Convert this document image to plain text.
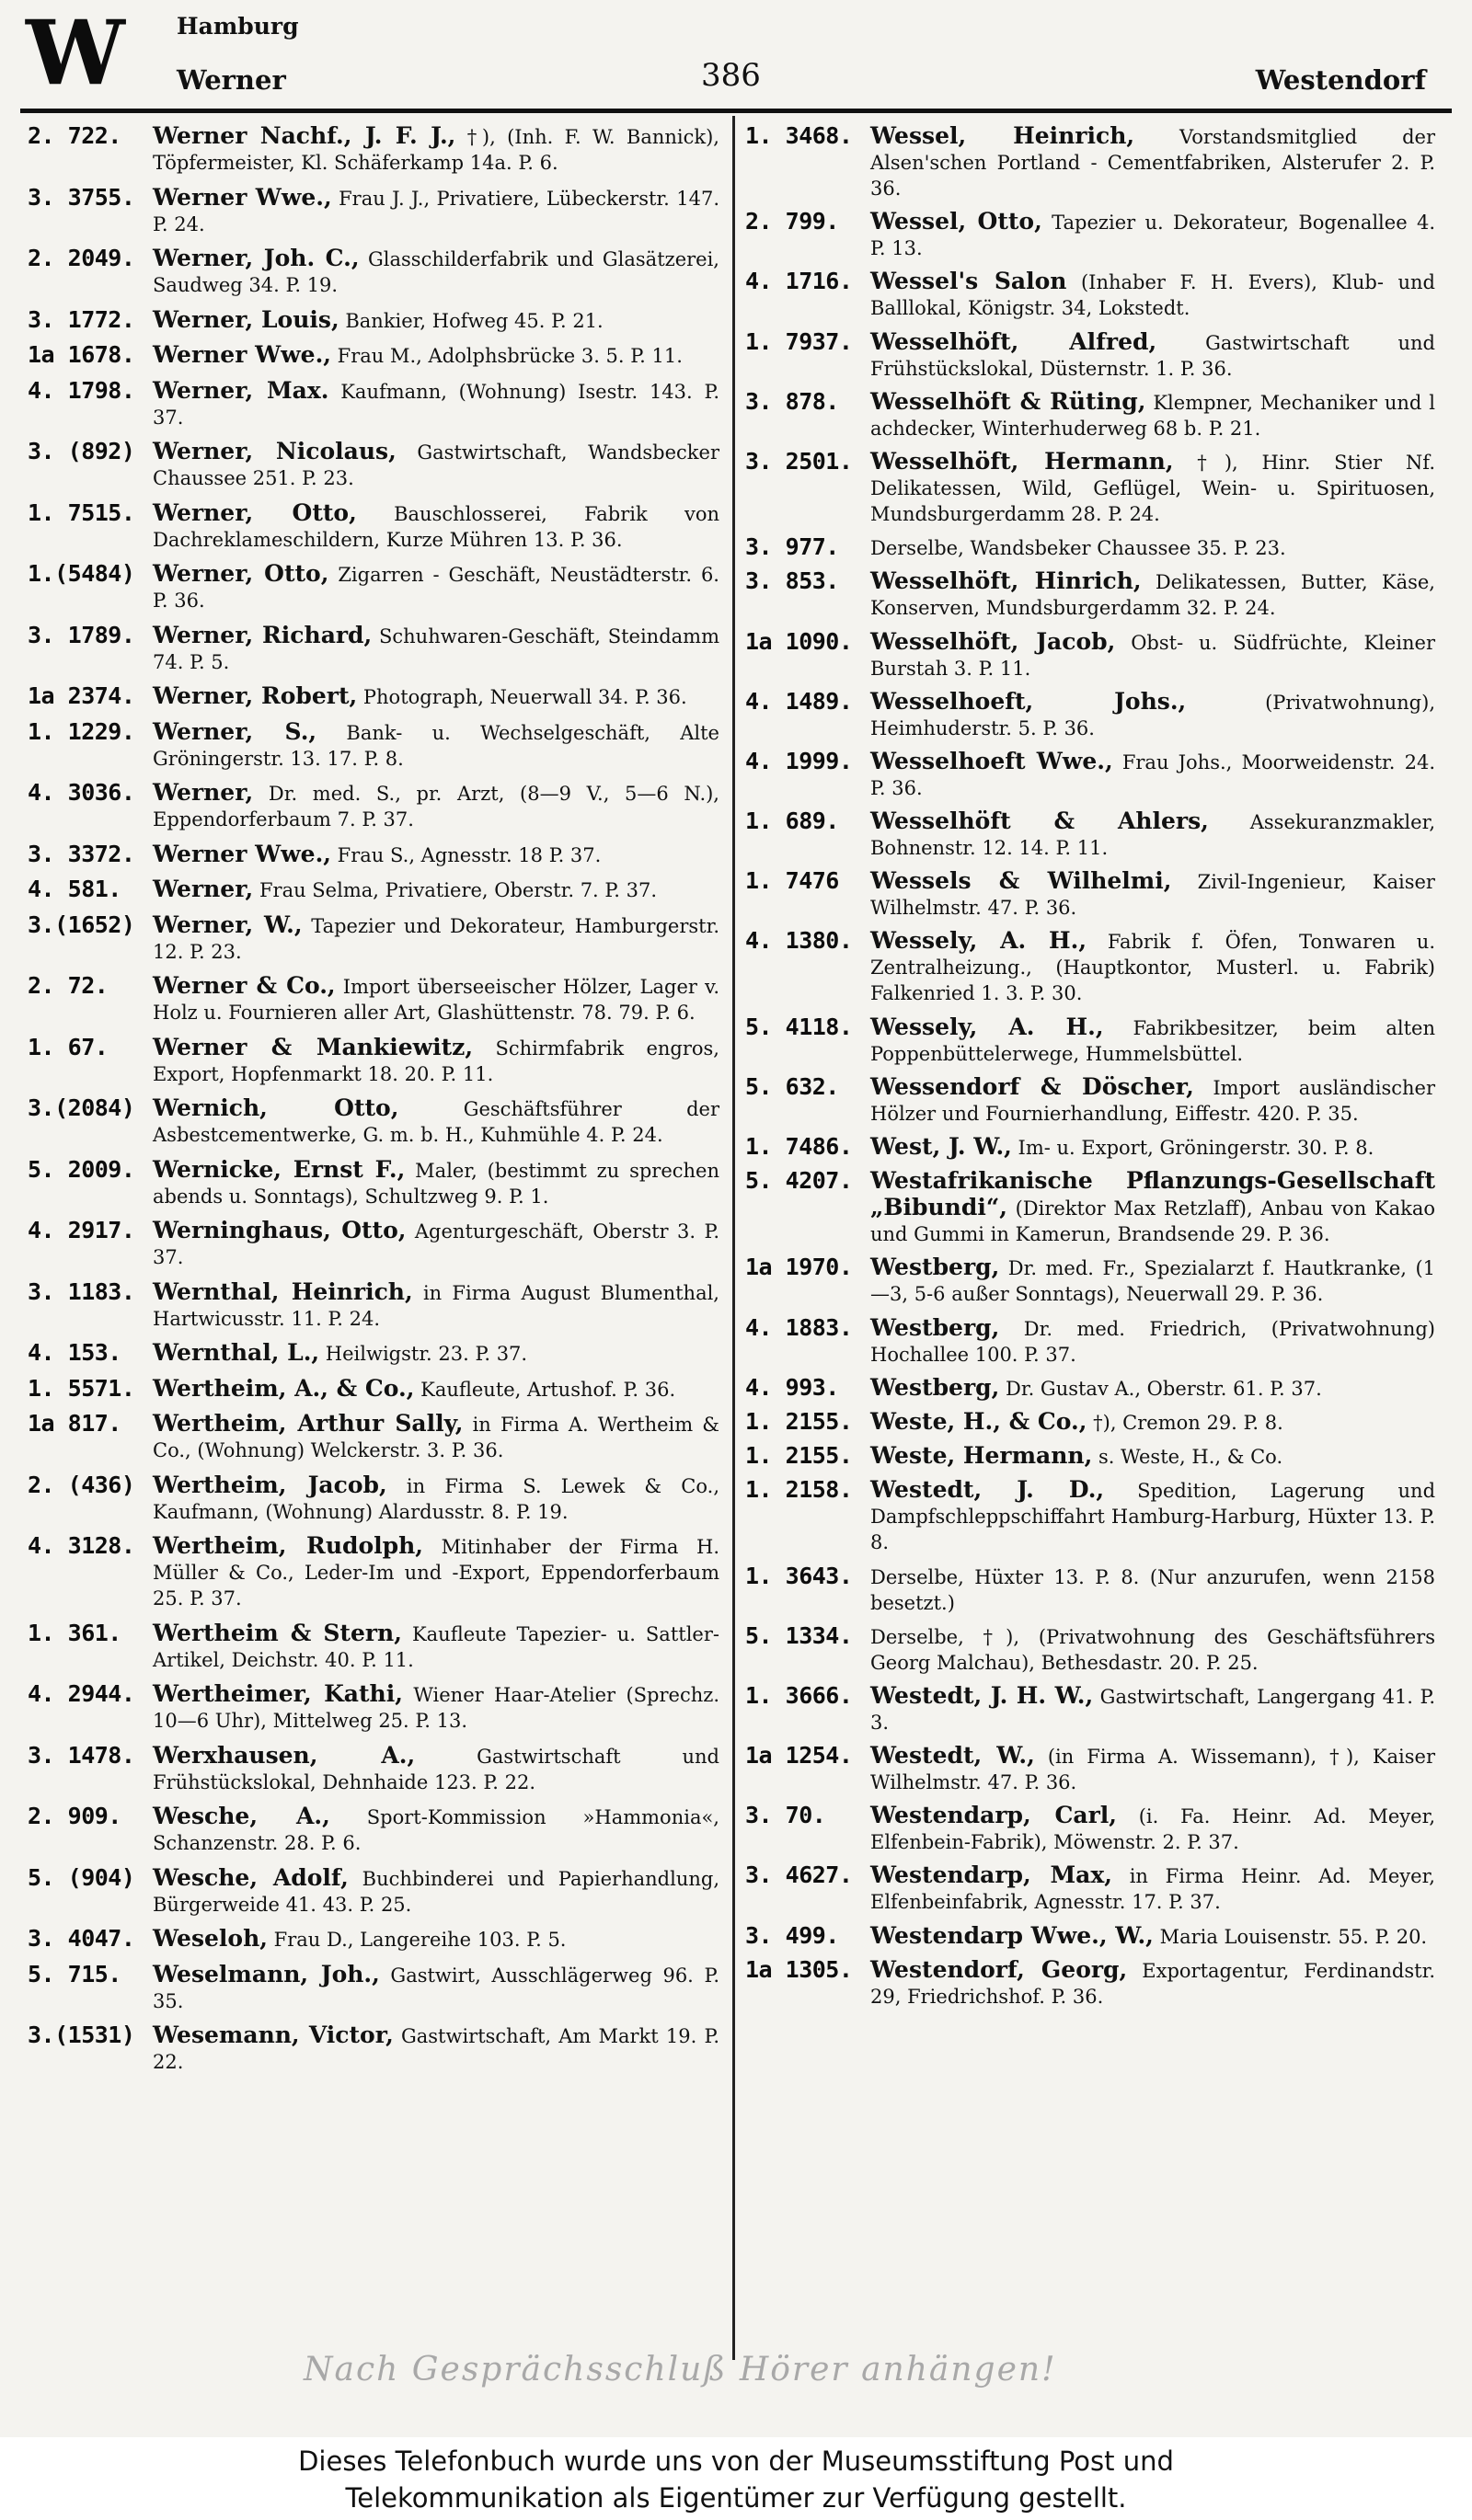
W Hamburg
Werner	386	Westendorf
2. 722.	Werner Nachf., J. F. J., †), (Inh. F. W. Bannick), Töpfermeister, Kl. Schäferkamp 14a. P. 6.
3. 3755. Werner Wwe., Frau J. J., Privatiere, Lübeckerstr. 147. P. 24.
2. 2049. Werner, Joh. C., Glasschilderfabrik und Glasätzerei, Saudweg 34. P. 19.
3. 1772. Werner, Louis, Bankier, Hofweg 45. P. 21.
1a 1678. Werner Wwe., Frau M., Adolphsbrücke 3. 5. P. 11.
4. 1798. Werner, Max. Kaufmann, (Wohnung) Isestr. 143. P. 37.
3. (892) Werner, Nicolaus, Gastwirtschaft, Wandsbecker Chaussee 251. P. 23.
1. 7515. Werner, Otto, Bauschlosserei, Fabrik von Dachreklameschildern, Kurze Mühren 13. P. 36.
1.(5484) Werner, Otto, Zigarren - Geschäft, Neustädterstr. 6. P. 36.
3. 1789. Werner, Richard, Schuhwaren-Geschäft, Steindamm 74. P. 5.
1a 2374. Werner, Robert, Photograph, Neuerwall 34. P. 36.
1. 1229. Werner, S., Bank- u. Wechselgeschäft, Alte Gröningerstr. 13. 17. P. 8.
4. 3036. Werner, Dr. med. S., pr. Arzt, (8—9 V., 5—6 N.), Eppendorferbaum 7. P. 37.
3. 3372. Werner Wwe., Frau S., Agnesstr. 18 P. 37.
4. 581.	Werner, Frau Selma, Privatiere, Oberstr. 7. P. 37.
3.(1652) Werner, W., Tapezier und Dekorateur, Hamburgerstr. 12. P. 23.
2. 72.	Werner & Co., Import überseeischer Hölzer, Lager v. Holz u. Fournieren aller Art, Glashüttenstr. 78. 79. P. 6.
1. 67.	Werner & Mankiewitz, Schirmfabrik engros, Export, Hopfenmarkt 18. 20. P. 11.
3.(2084) Wernich, Otto,	Geschäftsführer der Asbestcementwerke, G. m. b. H., Kuhmühle 4. P. 24.
5. 2009. Wernicke, Ernst F., Maler, (bestimmt zu sprechen abends u. Sonntags), Schultzweg 9. P. 1.
4. 2917. Werninghaus, Otto, Agenturgeschäft, Oberstr 3. P. 37.
3. 1183. Wernthal, Heinrich, in Firma August Blumenthal, Hartwicusstr. 11. P. 24.
4. 153.	Wernthal, L., Heilwigstr. 23. P. 37.
1. 5571. Wertheim, A., & Co., Kaufleute, Artushof. P. 36.
1a 817.	Wertheim, Arthur Sally, in Firma A. Wertheim & Co., (Wohnung) Welckerstr. 3. P. 36.
2. (436) Wertheim, Jacob, in Firma S. Lewek & Co., Kaufmann, (Wohnung) Alardusstr. 8. P. 19.
4. 3128. Wertheim, Rudolph, Mitinhaber der Firma H. Müller & Co., Leder-Im und -Export, Eppendorferbaum 25. P. 37.
1. 361.	Wertheim & Stern, Kaufleute Tapezier- u. Sattler-Artikel, Deichstr. 40. P. 11.
4. 2944. Wertheimer, Kathi, Wiener Haar-Atelier (Sprechz. 10—6 Uhr), Mittelweg 25. P. 13.
3. 1478. Werxhausen, A.,	Gastwirtschaft und Frühstückslokal, Dehnhaide 123. P. 22.
2. 909.	Wesche, A., Sport-Kommission »Hammonia«, Schanzenstr. 28. P. 6.
5. (904) Wesche, Adolf, Buchbinderei und Papierhandlung, Bürgerweide 41. 43. P. 25.
3. 4047. Weseloh, Frau D., Langereihe 103. P. 5.
5. 715.	Weselmann, Joh., Gastwirt, Ausschlägerweg 96. P. 35.
3.(1531) Wesemann, Victor, Gastwirtschaft, Am Markt 19. P. 22.
1. 3468. Wessel, Heinrich, Vorstandsmitglied der Alsen'schen Portland - Cementfabriken, Alsterufer 2. P. 36.
2. 799.	Wessel, Otto, Tapezier u. Dekorateur, Bogenallee 4. P. 13.
4. 1716. Wessel's Salon (Inhaber F. H. Evers), Klub- und Balllokal, Königstr. 34, Lokstedt.
1. 7937. Wesselhöft, Alfred,	Gastwirtschaft und Frühstückslokal, Düsternstr. 1. P. 36.
3. 878.	Wesselhöft & Rüting, Klempner, Mechaniker und l achdecker, Winterhuderweg 68 b. P. 21.
3. 2501. Wesselhöft, Hermann, †), Hinr. Stier Nf. Delikatessen, Wild, Geflügel, Wein- u. Spirituosen, Mundsburgerdamm 28. P. 24.
3. 977.	Derselbe, Wandsbeker Chaussee 35. P. 23.
3. 853.	Wesselhöft, Hinrich, Delikatessen, Butter, Käse, Konserven, Mundsburgerdamm 32. P. 24.
1a 1090. Wesselhöft, Jacob, Obst- u. Südfrüchte, Kleiner Burstah 3. P. 11.
4. 1489. Wesselhoeft, Johs.,	(Privatwohnung), Heimhuderstr. 5. P. 36.
4. 1999. Wesselhoeft Wwe., Frau Johs., Moorweidenstr. 24. P. 36.
1. 689.	Wesselhöft & Ahlers, Assekuranzmakler, Bohnenstr. 12. 14. P. 11.
1. 7476	Wessels & Wilhelmi, Zivil-Ingenieur, Kaiser Wilhelmstr. 47. P. 36.
4. 1380. Wessely, A. H., Fabrik f. Öfen, Tonwaren u. Zentralheizung., (Hauptkontor, Musterl. u. Fabrik) Falkenried 1. 3. P. 30.
5. 4118. Wessely, A. H., Fabrikbesitzer, beim alten Poppenbüttelerwege, Hummelsbüttel.
5. 632.	Wessendorf & Döscher, Import ausländischer Hölzer und Fournierhandlung, Eiffestr. 420. P. 35.
1. 7486. West, J. W., Im- u. Export, Gröningerstr. 30. P. 8.
5. 4207. Westafrikanische Pflanzungs-Gesellschaft „Bibundi“, (Direktor Max Retzlaff), Anbau von Kakao und Gummi in Kamerun, Brandsende 29. P. 36.
1a 1970. Westberg, Dr. med. Fr., Spezialarzt f. Hautkranke, (1—3, 5-6 außer Sonntags), Neuerwall 29. P. 36.
4. 1883. Westberg, Dr. med. Friedrich, (Privatwohnung) Hochallee 100. P. 37.
4. 993.	Westberg, Dr. Gustav A., Oberstr. 61. P. 37.
1. 2155. Weste, H., & Co., †), Cremon 29. P. 8.
1. 2155. Weste, Hermann, s. Weste, H., & Co.
1. 2158. Westedt, J. D., Spedition, Lagerung und Dampfschleppschiffahrt Hamburg-Harburg, Hüxter 13. P. 8.
1. 3643. Derselbe, Hüxter 13. P. 8. (Nur anzurufen, wenn 2158 besetzt.)
5. 1334. Derselbe, †), (Privatwohnung des Geschäftsführers Georg Malchau), Bethesdastr. 20. P. 25.
1. 3666. Westedt, J. H. W., Gastwirtschaft, Langergang 41. P. 3.
1a 1254. Westedt, W., (in Firma A. Wissemann), †), Kaiser Wilhelmstr. 47. P. 36.
3. 70.	Westendarp, Carl, (i. Fa. Heinr. Ad. Meyer, Elfenbein-Fabrik), Möwenstr. 2. P. 37.
3. 4627. Westendarp, Max, in Firma Heinr. Ad. Meyer, Elfenbeinfabrik, Agnesstr. 17. P. 37.
3. 499.	Westendarp Wwe., W., Maria Louisenstr. 55. P. 20.
1a 1305. Westendorf, Georg, Exportagentur, Ferdinandstr. 29, Friedrichshof. P. 36.
Nach Gesprächsschluß Hörer anhängen!
Dieses Telefonbuch wurde uns von der Museumsstiftung Post und
Telekommunikation als Eigentümer zur Verfügung gestellt.
